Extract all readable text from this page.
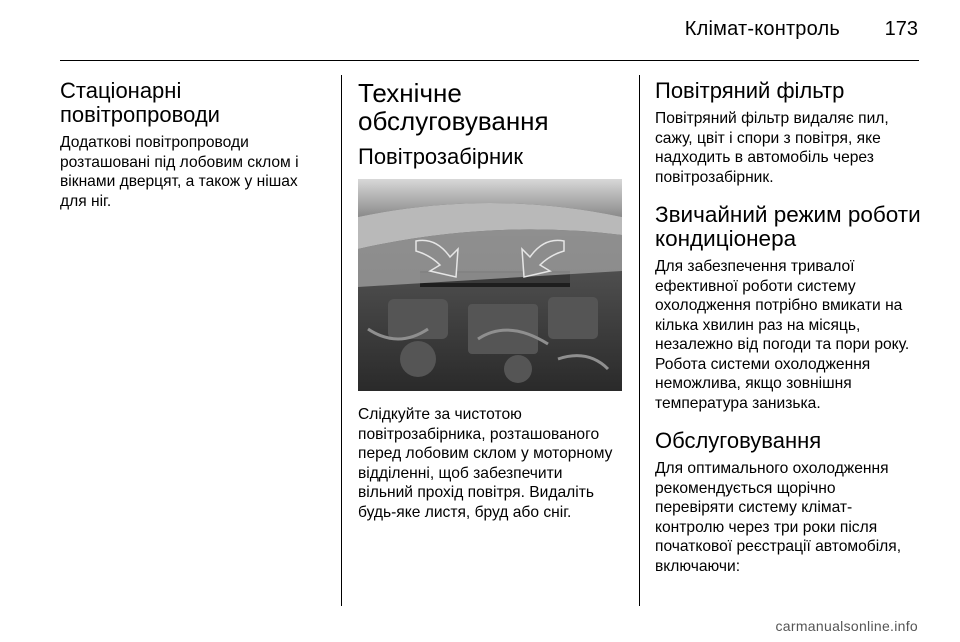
Клімат-контроль 173
Стаціонарні
повітропроводи
Додаткові повітропроводи
розташовані під лобовим склом і
вікнами дверцят, а також у нішах
для ніг.
Технічне
обслуговування
Повітрозабірник
Слідкуйте за чистотою
повітрозабірника, розташованого
перед лобовим склом у моторному
відділенні, щоб забезпечити
вільний прохід повітря. Видаліть
будь-яке листя, бруд або сніг.
Повітряний фільтр
Повітряний фільтр видаляє пил,
сажу, цвіт і спори з повітря, яке
надходить в автомобіль через
повітрозабірник.
Звичайний режим роботи
кондиціонера
Для забезпечення тривалої
ефективної роботи систему
охолодження потрібно вмикати на
кілька хвилин раз на місяць,
незалежно від погоди та пори року.
Робота системи охолодження
неможлива, якщо зовнішня
температура занизька.
Обслуговування
Для оптимального охолодження
рекомендується щорічно
перевіряти систему клімат-
контролю через три роки після
початкової реєстрації автомобіля,
включаючи:
carmanualsonline.info
